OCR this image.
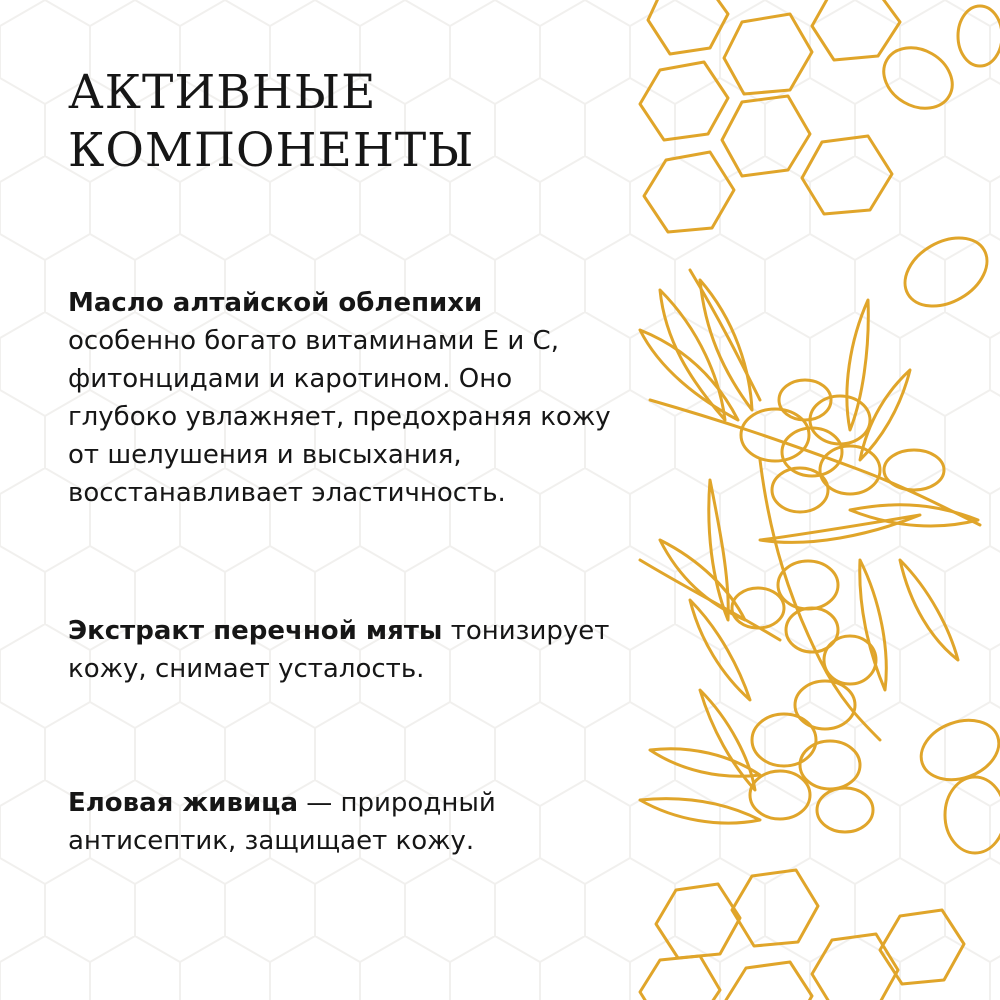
АКТИВНЫЕ
КОМПОНЕНТЫ

Масло алтайской облепихи
особенно богато витаминами Е и С,
фитонцидами и каротином. Оно
глубоко увлажняет, предохраняя кожу
от шелушения и высыхания,
восстанавливает эластичность.

Экстракт перечной мяты тонизирует
кожу, снимает усталость.

Еловая живица — природный
антисептик, защищает кожу.
